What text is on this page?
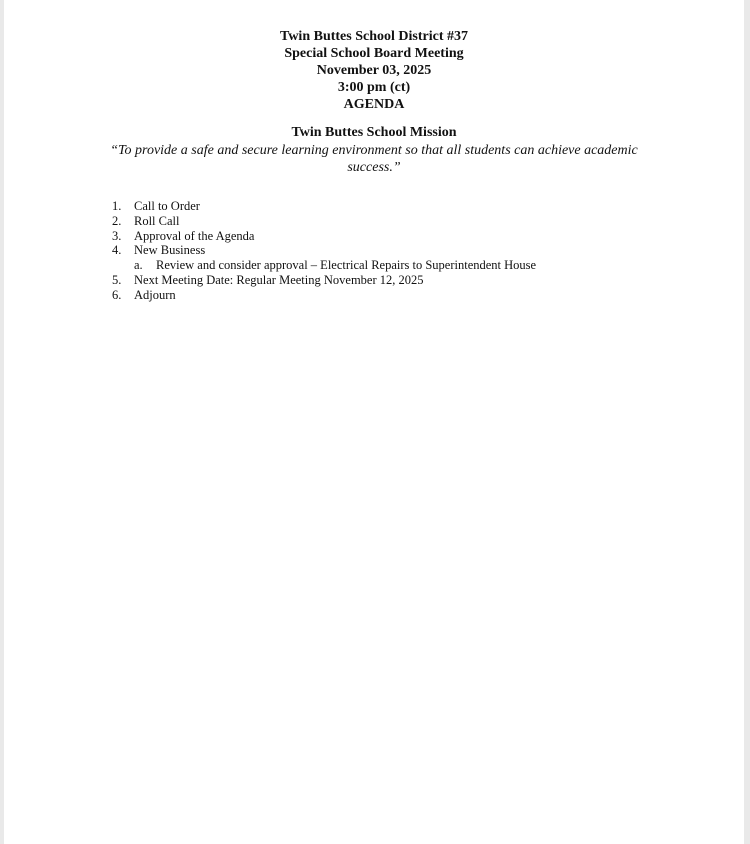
Twin Buttes School District #37
Special School Board Meeting
November 03, 2025
3:00 pm (ct)
AGENDA
Twin Buttes School Mission
“To provide a safe and secure learning environment so that all students can achieve academic success.”
1.	Call to Order
2.	Roll Call
3.	Approval of the Agenda
4.	New Business
a.	Review and consider approval – Electrical Repairs to Superintendent House
5.	Next Meeting Date: Regular Meeting November 12, 2025
6.	Adjourn
